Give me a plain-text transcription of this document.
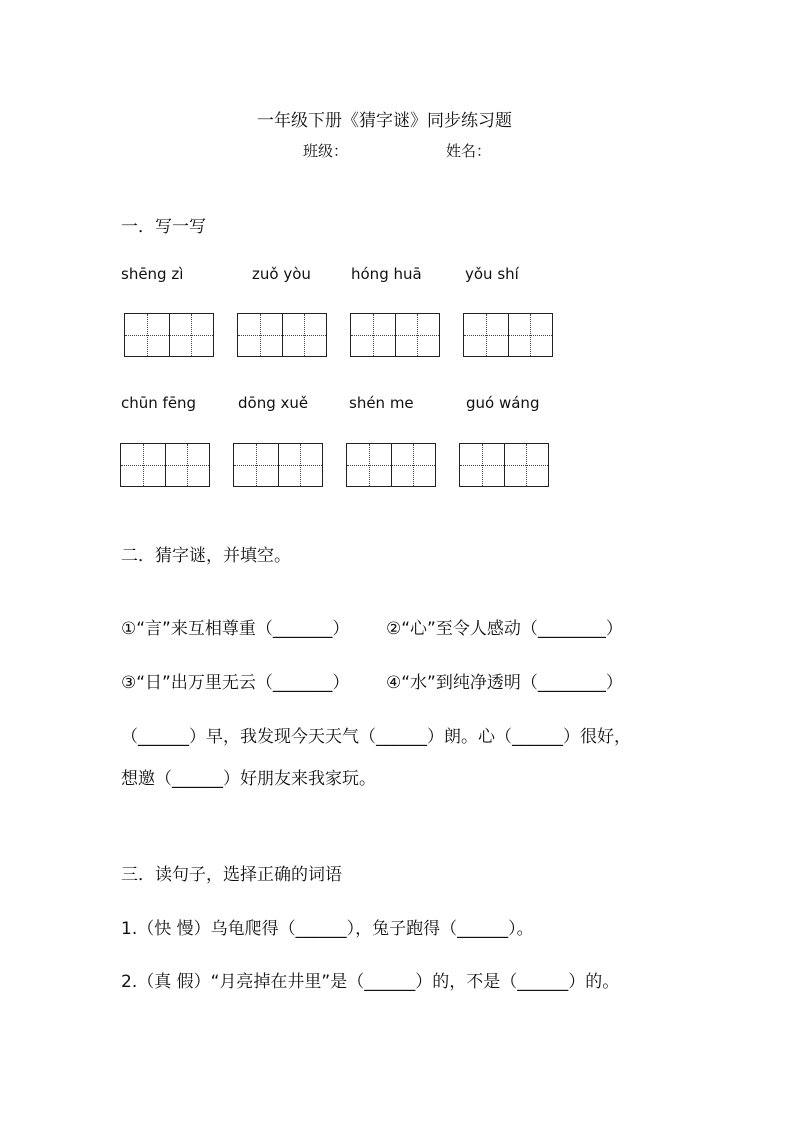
一年级下册《猜字谜》同步练习题
班级：	姓名：
一．写一写
shēng zì	zuǒ yòu	hóng huā	yǒu shí
chūn fēng	dōng xuě	shén me	guó wáng
二．猜字谜，并填空。
①“言”来互相尊重（_______） ②“心”至令人感动（________）
③“日”出万里无云（_______） ④“水”到纯净透明（________）
（______）早，我发现今天天气（______）朗。心（______）很好，
想邀（______）好朋友来我家玩。
三．读句子，选择正确的词语
1.（快 慢）乌龟爬得（______），兔子跑得（______）。
2.（真 假）“月亮掉在井里”是（______）的，不是（______）的。
